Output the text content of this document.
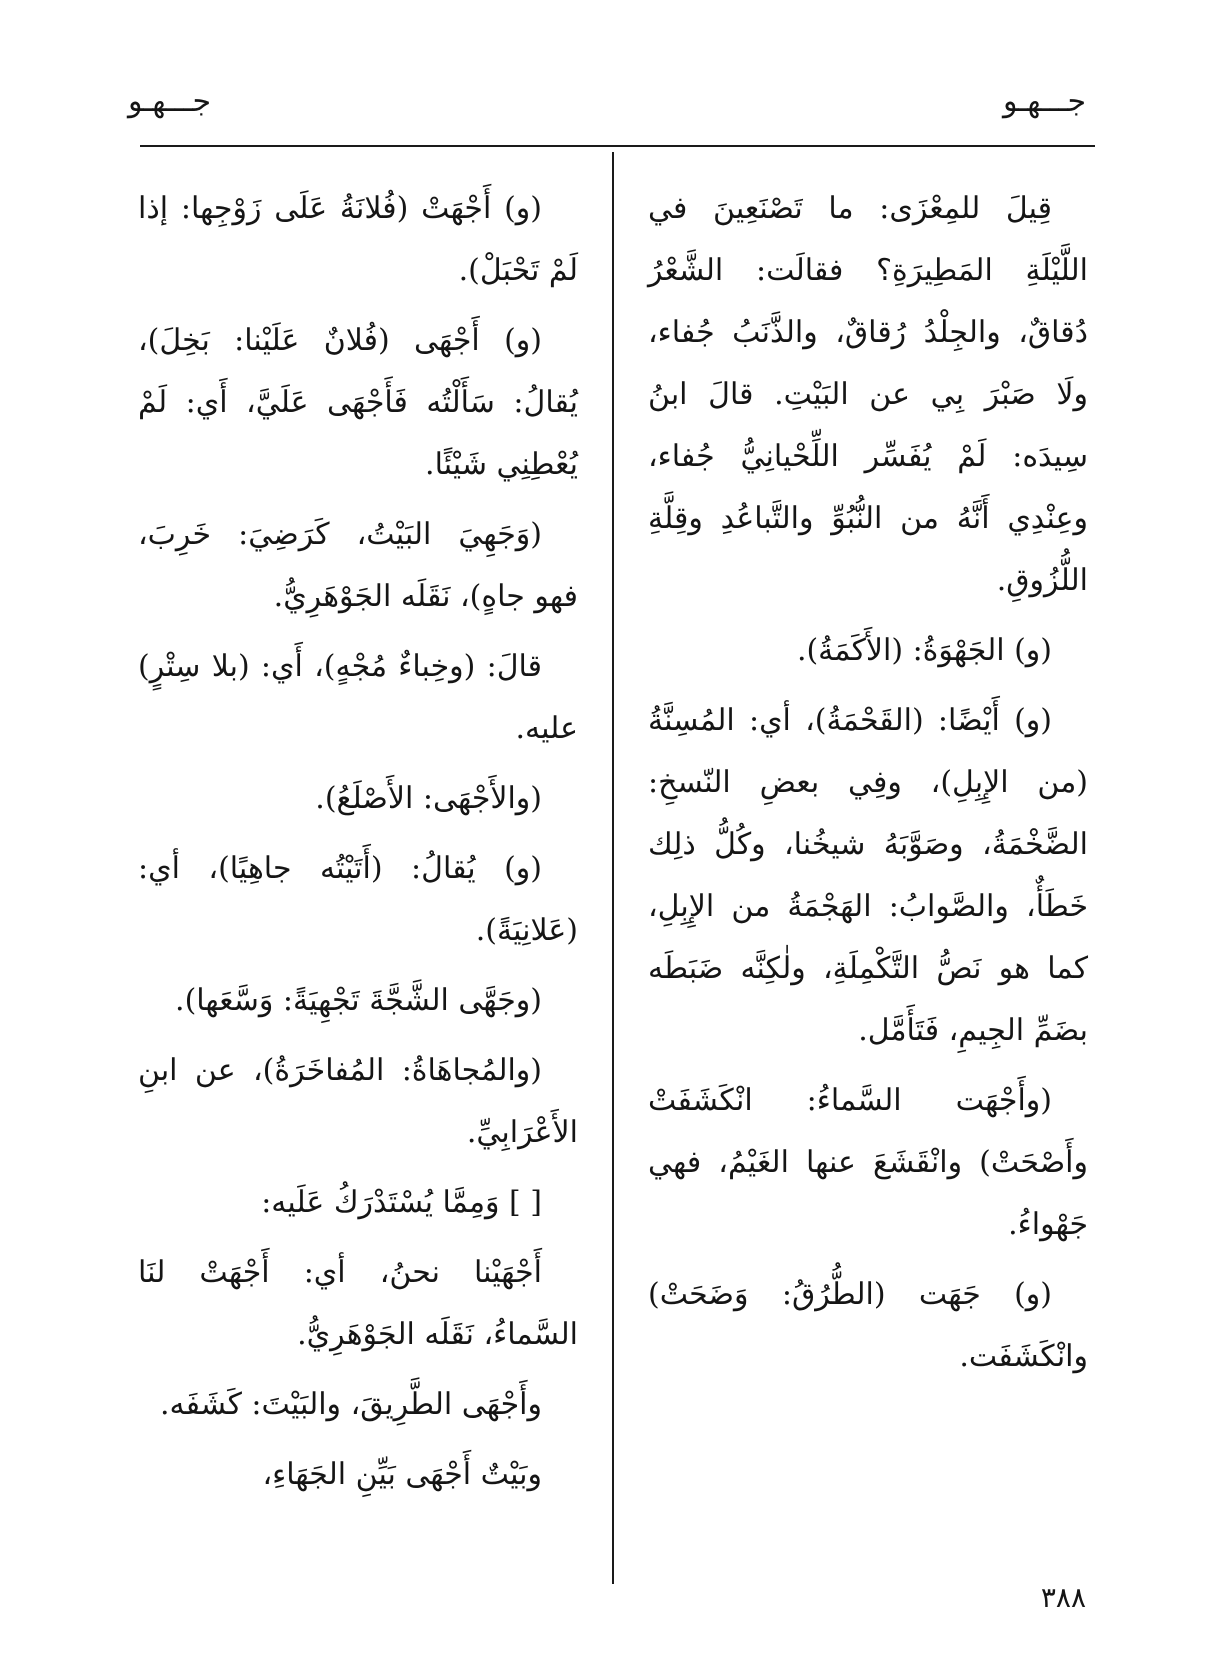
جـــهـو
جـــهـو

قِيلَ للمِعْزَى: ما تَصْنَعِينَ في اللَّيْلَةِ المَطِيرَةِ؟ فقالَت: الشَّعْرُ دُقاقٌ، والجِلْدُ رُقاقٌ، والذَّنَبُ جُفاء، ولَا صَبْرَ بِي عن البَيْتِ. قالَ ابنُ سِيدَه: لَمْ يُفَسِّر اللِّحْيانِيُّ جُفاء، وعِنْدِي أَنَّهُ من النُّبُوِّ والتَّباعُدِ وقِلَّةِ اللُّزُوقِ.

(و) الجَهْوَةُ: (الأَكَمَةُ).

(و) أَيْضًا: (القَحْمَةُ)، أي: المُسِنَّةُ (من الإِبِلِ)، وفِي بعضِ النّسخِ: الضَّخْمَةُ، وصَوَّبَهُ شيخُنا، وكُلُّ ذلِك خَطَأٌ، والصَّوابُ: الهَجْمَةُ من الإِبِلِ، كما هو نَصُّ التَّكْمِلَةِ، ولٰكِنَّه ضَبَطَه بضَمِّ الجِيمِ، فَتَأَمَّل.

(وأَجْهَت السَّماءُ: انْكَشَفَتْ وأَصْحَتْ) وانْقَشَعَ عنها الغَيْمُ، فهي جَهْواءُ.

(و) جَهَت (الطُّرُقُ: وَضَحَتْ) وانْكَشَفَت.

(و) أَجْهَتْ (فُلانَةُ عَلَى زَوْجِها: إذا لَمْ تَحْبَلْ).

(و) أَجْهَى (فُلانٌ عَلَيْنا: بَخِلَ)، يُقالُ: سَأَلْتُه فَأَجْهَى عَلَيَّ، أَي: لَمْ يُعْطِنِي شَيْئًا.

(وَجَهِيَ البَيْتُ، كَرَضِيَ: خَرِبَ، فهو جاهٍ)، نَقَلَه الجَوْهَرِيُّ.

قالَ: (وخِباءٌ مُجْهٍ)، أَي: (بلا سِتْرٍ) عليه.

(والأَجْهَى: الأَصْلَعُ).

(و) يُقالُ: (أَتَيْتُه جاهِيًا)، أي: (عَلانِيَةً).

(وجَهَّى الشَّجَّةَ تَجْهِيَةً: وَسَّعَها).

(والمُجاهَاةُ: المُفاخَرَةُ)، عن ابنِ الأَعْرَابِيِّ.

[ ] وَمِمَّا يُسْتَدْرَكُ عَلَيه:

أَجْهَيْنا نحنُ، أي: أَجْهَتْ لنَا السَّماءُ، نَقَلَه الجَوْهَرِيُّ.

وأَجْهَى الطَّرِيقَ، والبَيْتَ: كَشَفَه.

وبَيْتٌ أَجْهَى بَيِّنِ الجَهَاءِ،

٣٨٨
